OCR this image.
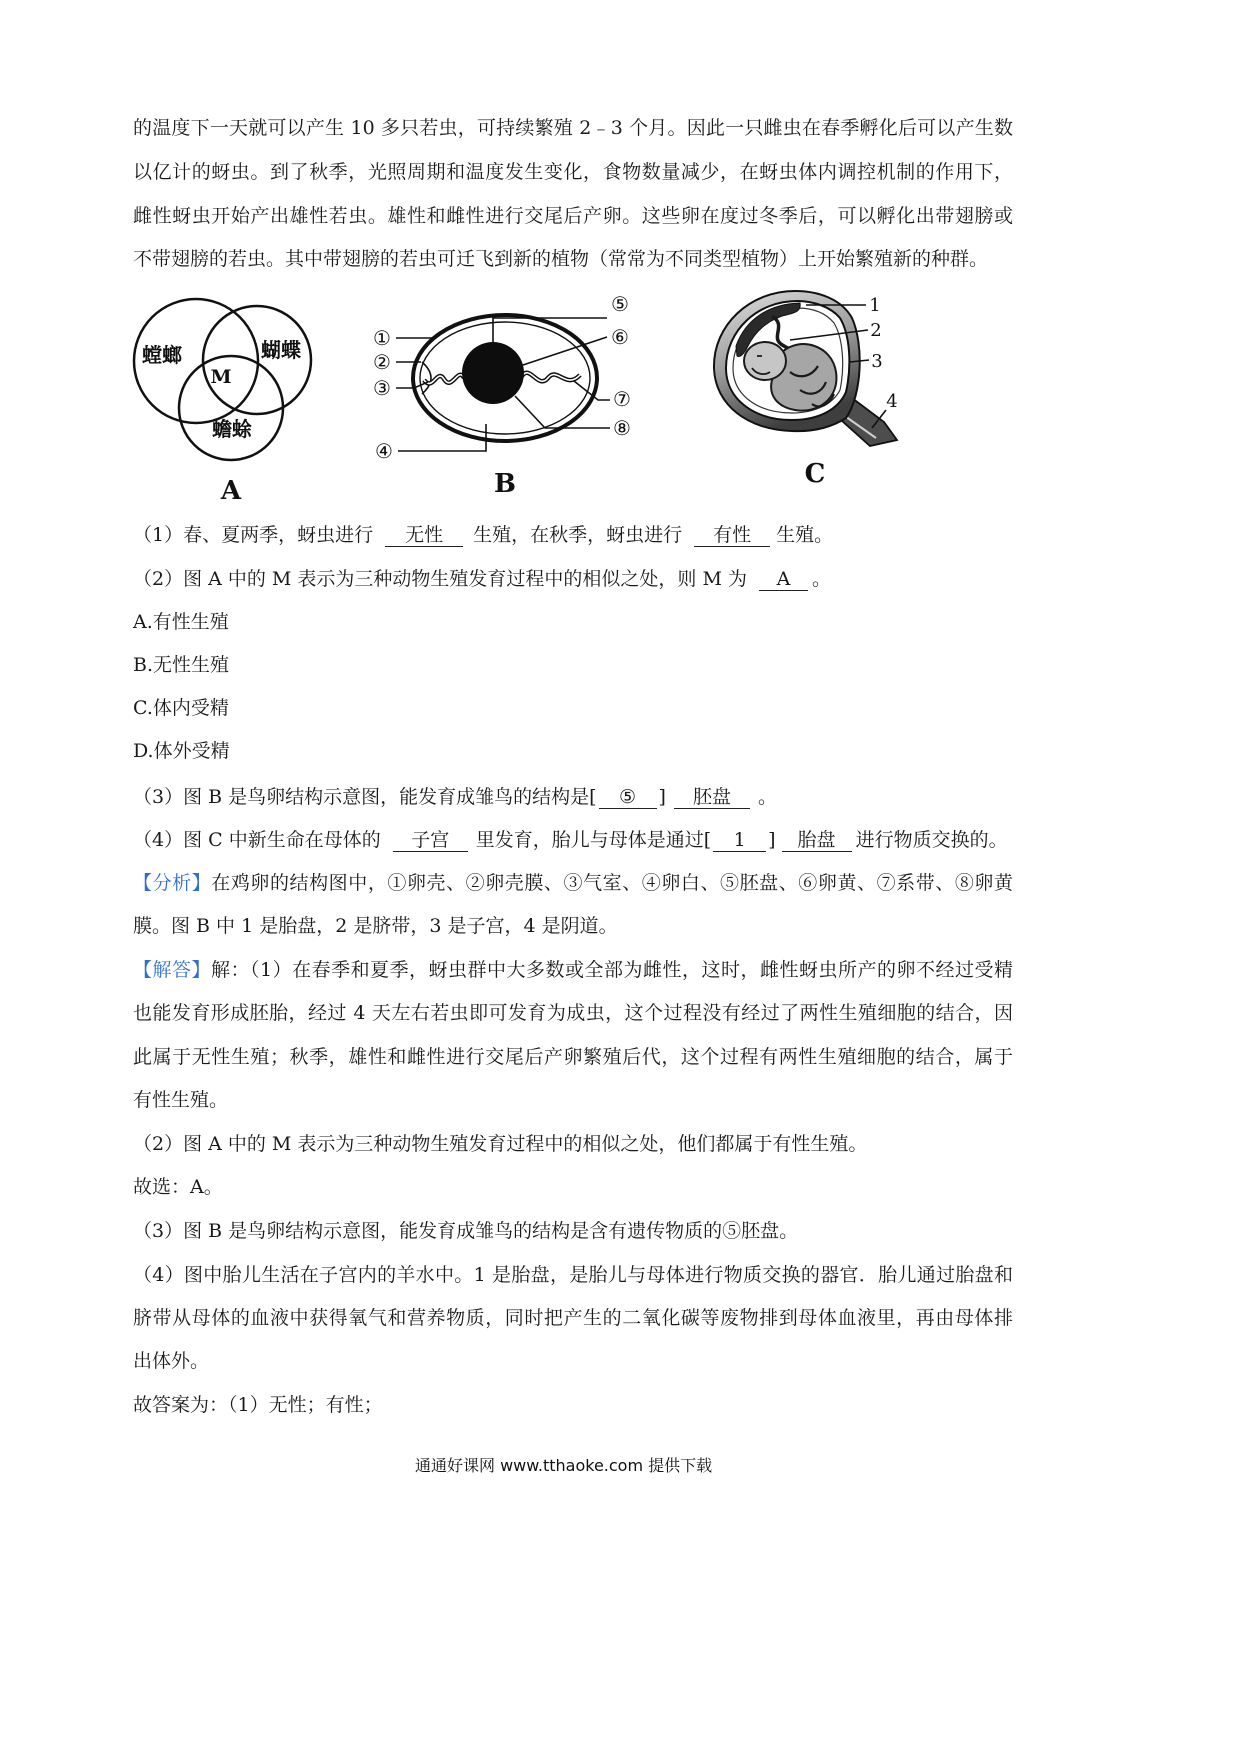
的温度下一天就可以产生 10 多只若虫，可持续繁殖 2﹣3 个月。因此一只雌虫在春季孵化后可以产生数
以亿计的蚜虫。到了秋季，光照周期和温度发生变化，食物数量减少，在蚜虫体内调控机制的作用下，
雌性蚜虫开始产出雄性若虫。雄性和雌性进行交尾后产卵。这些卵在度过冬季后，可以孵化出带翅膀或
不带翅膀的若虫。其中带翅膀的若虫可迁飞到新的植物（常常为不同类型植物）上开始繁殖新的种群。
螳螂	蝴蝶
蟾蜍
M
A
①
②
③
④
⑤
⑥
⑦
⑧
B
1
2
3
4
C
（1）春、夏两季，蚜虫进行 无性 生殖，在秋季，蚜虫进行 有性 生殖。
（2）图 A 中的 M 表示为三种动物生殖发育过程中的相似之处，则 M 为 A 。
A.有性生殖
B.无性生殖
C.体内受精
D.体外受精
（3）图 B 是鸟卵结构示意图，能发育成雏鸟的结构是[ ⑤ ] 胚盘 。
（4）图 C 中新生命在母体的 子宫 里发育，胎儿与母体是通过[ 1 ] 胎盘 进行物质交换的。
【分析】在鸡卵的结构图中，①卵壳、②卵壳膜、③气室、④卵白、⑤胚盘、⑥卵黄、⑦系带、⑧卵黄
膜。图 B 中 1 是胎盘，2 是脐带，3 是子宫，4 是阴道。
【解答】解：（1）在春季和夏季，蚜虫群中大多数或全部为雌性，这时，雌性蚜虫所产的卵不经过受精
也能发育形成胚胎，经过 4 天左右若虫即可发育为成虫，这个过程没有经过了两性生殖细胞的结合，因
此属于无性生殖；秋季，雄性和雌性进行交尾后产卵繁殖后代，这个过程有两性生殖细胞的结合，属于
有性生殖。
（2）图 A 中的 M 表示为三种动物生殖发育过程中的相似之处，他们都属于有性生殖。
故选：A。
（3）图 B 是鸟卵结构示意图，能发育成雏鸟的结构是含有遗传物质的⑤胚盘。
（4）图中胎儿生活在子宫内的羊水中。1 是胎盘，是胎儿与母体进行物质交换的器官．胎儿通过胎盘和
脐带从母体的血液中获得氧气和营养物质，同时把产生的二氧化碳等废物排到母体血液里，再由母体排
出体外。
故答案为：（1）无性；有性；
通通好课网 www.tthaoke.com 提供下载
